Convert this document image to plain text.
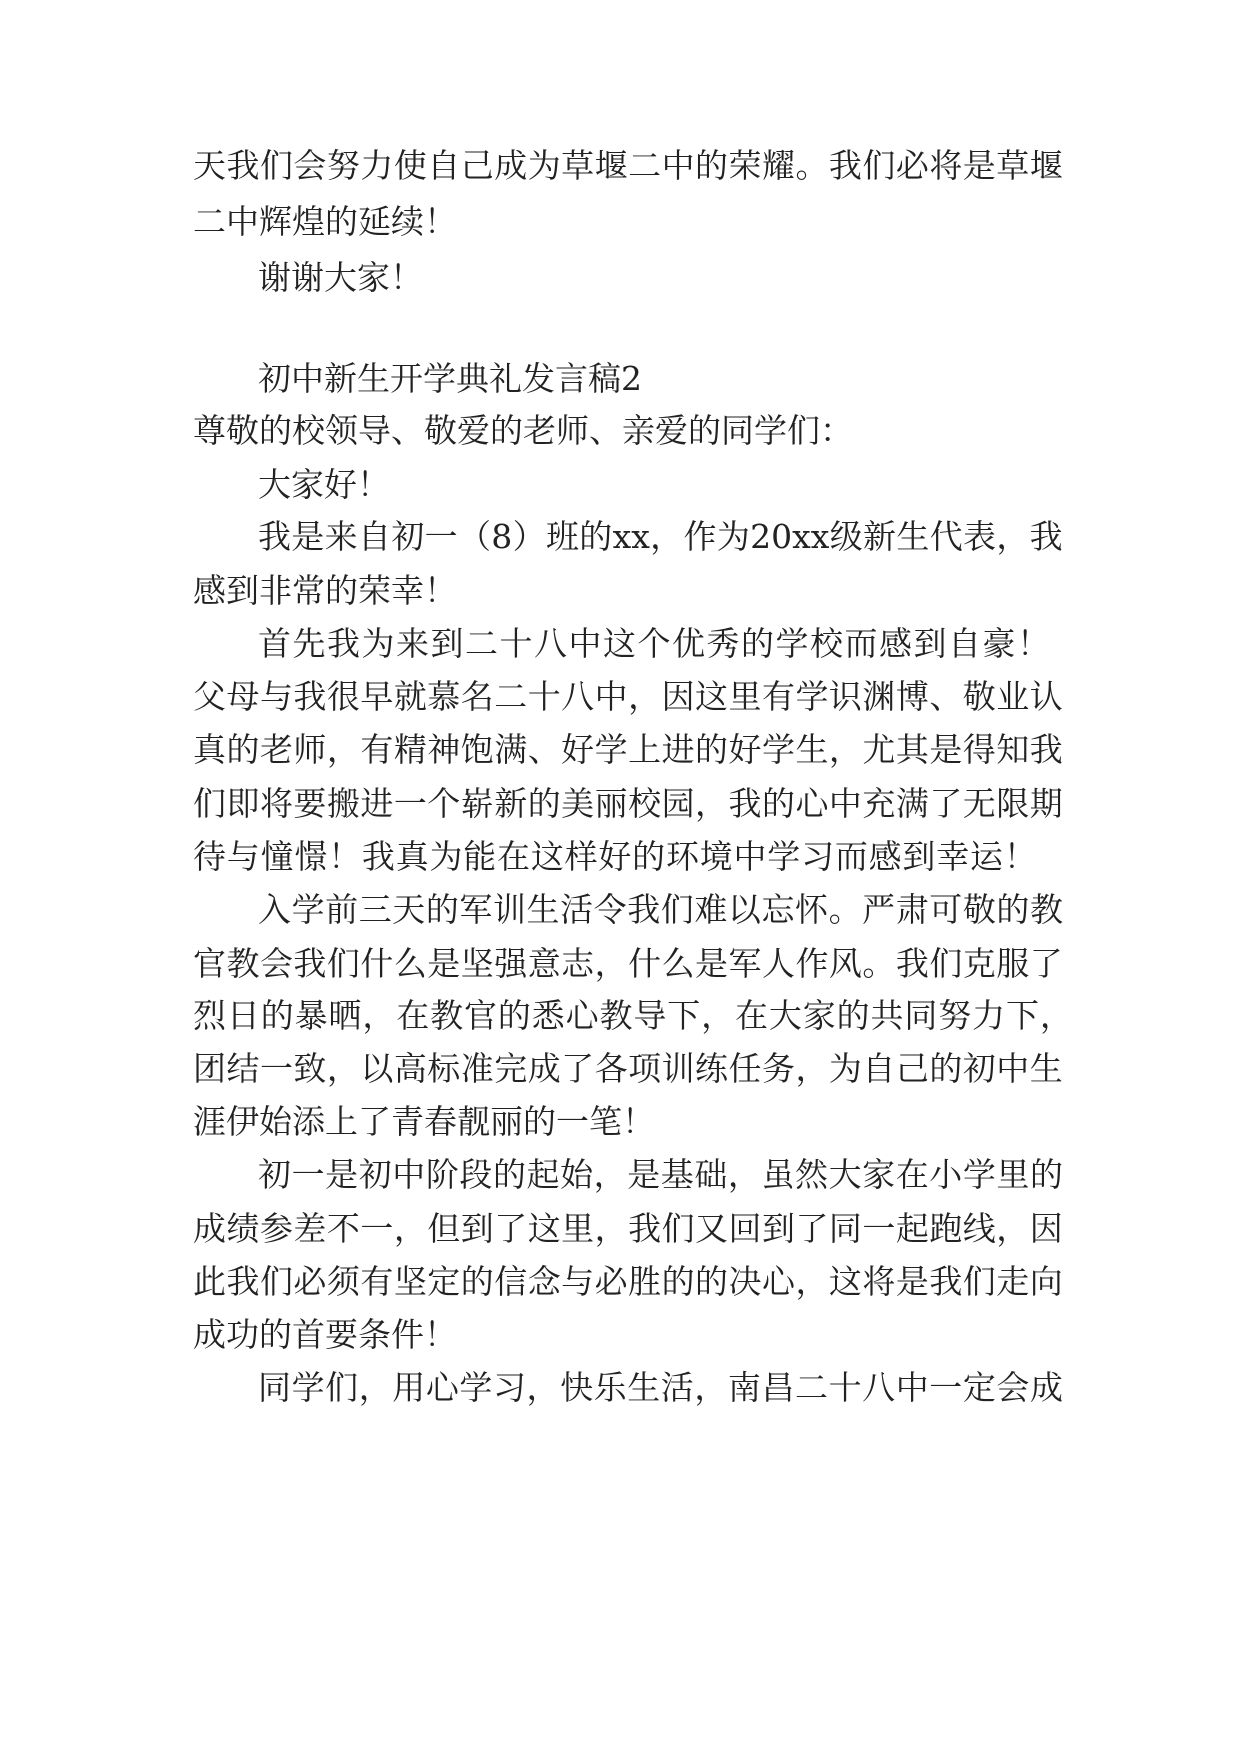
天 我 们 会 努 力 使 自 己 成 为 草 堰 二 中 的 荣 耀 。 我 们 必 将 是 草 堰
二中辉煌的延续！
谢谢大家！
初中新生开学典礼发言稿2
尊敬的校领导、敬爱的老师、亲爱的同学们：
大家好！
我 是 来 自 初 一 （ 8 ） 班 的 xx ， 作 为 20xx 级 新 生 代 表 ， 我
感到非常的荣幸！
首 先 我 为 来 到 二 十 八 中 这 个 优 秀 的 学 校 而 感 到 自 豪 ！
父 母 与 我 很 早 就 慕 名 二 十 八 中 ， 因 这 里 有 学 识 渊 博 、 敬 业 认
真 的 老 师 ， 有 精 神 饱 满 、 好 学 上 进 的 好 学 生 ， 尤 其 是 得 知 我
们 即 将 要 搬 进 一 个 崭 新 的 美 丽 校 园 ， 我 的 心 中 充 满 了 无 限 期
待 与 憧 憬 ！ 我 真 为 能 在 这 样 好 的 环 境 中 学 习 而 感 到 幸 运 ！
入 学 前 三 天 的 军 训 生 活 令 我 们 难 以 忘 怀 。 严 肃 可 敬 的 教
官 教 会 我 们 什 么 是 坚 强 意 志 ， 什 么 是 军 人 作 风 。 我 们 克 服 了
烈 日 的 暴 晒 ， 在 教 官 的 悉 心 教 导 下 ， 在 大 家 的 共 同 努 力 下 ，
团 结 一 致 ， 以 高 标 准 完 成 了 各 项 训 练 任 务 ， 为 自 己 的 初 中 生
涯伊始添上了青春靓丽的一笔！
初 一 是 初 中 阶 段 的 起 始 ， 是 基 础 ， 虽 然 大 家 在 小 学 里 的
成 绩 参 差 不 一 ， 但 到 了 这 里 ， 我 们 又 回 到 了 同 一 起 跑 线 ， 因
此 我 们 必 须 有 坚 定 的 信 念 与 必 胜 的 的 决 心 ， 这 将 是 我 们 走 向
成功的首要条件！
同 学 们 ， 用 心 学 习 ， 快 乐 生 活 ， 南 昌 二 十 八 中 一 定 会 成
